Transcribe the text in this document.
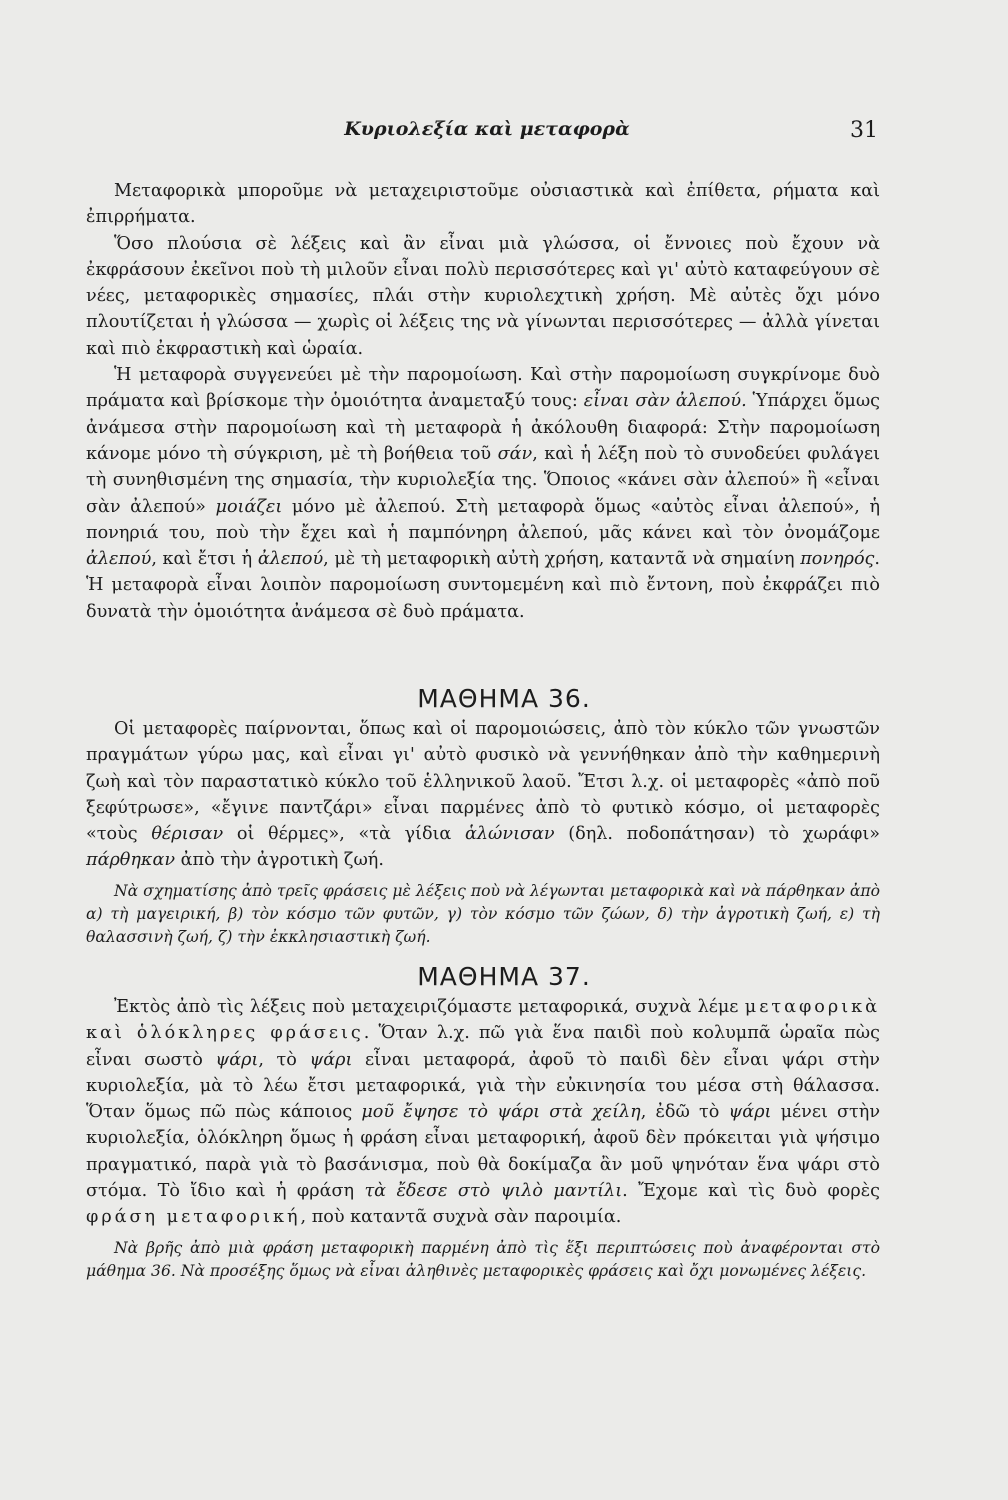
Κυριολεξία καὶ μεταφορὰ	31

Μεταφορικὰ μποροῦμε νὰ μεταχειριστοῦμε οὐσιαστικὰ καὶ ἐπίθετα, ρήματα καὶ ἐπιρρήματα.

Ὅσο πλούσια σὲ λέξεις καὶ ἂν εἶναι μιὰ γλώσσα, οἱ ἔννοιες ποὺ ἔχουν νὰ ἐκφράσουν ἐκεῖνοι ποὺ τὴ μιλοῦν εἶναι πολὺ περισσότερες καὶ γι' αὐτὸ καταφεύγουν σὲ νέες, μεταφορικὲς σημασίες, πλάι στὴν κυριολεχτικὴ χρήση. Μὲ αὐτὲς ὄχι μόνο πλουτίζεται ἡ γλώσσα — χωρὶς οἱ λέξεις της νὰ γίνωνται περισσότερες — ἀλλὰ γίνεται καὶ πιὸ ἐκφραστικὴ καὶ ὡραία.

Ἡ μεταφορὰ συγγενεύει μὲ τὴν παρομοίωση. Καὶ στὴν παρομοίωση συγκρίνομε δυὸ πράματα καὶ βρίσκομε τὴν ὁμοιότητα ἀναμεταξύ τους: εἶναι σὰν ἀλεπού. Ὑπάρχει ὅμως ἀνάμεσα στὴν παρομοίωση καὶ τὴ μεταφορὰ ἡ ἀκόλουθη διαφορά: Στὴν παρομοίωση κάνομε μόνο τὴ σύγκριση, μὲ τὴ βοήθεια τοῦ σάν, καὶ ἡ λέξη ποὺ τὸ συνοδεύει φυλάγει τὴ συνηθισμένη της σημασία, τὴν κυριολεξία της. Ὅποιος «κάνει σὰν ἀλεπού» ἢ «εἶναι σὰν ἀλεπού» μοιάζει μόνο μὲ ἀλεπού. Στὴ μεταφορὰ ὅμως «αὐτὸς εἶναι ἀλεπού», ἡ πονηριά του, ποὺ τὴν ἔχει καὶ ἡ παμπόνηρη ἀλεπού, μᾶς κάνει καὶ τὸν ὀνομάζομε ἀλεπού, καὶ ἔτσι ἡ ἀλεπού, μὲ τὴ μεταφορικὴ αὐτὴ χρήση, καταντᾶ νὰ σημαίνη πονηρός. Ἡ μεταφορὰ εἶναι λοιπὸν παρομοίωση συντομεμένη καὶ πιὸ ἔντονη, ποὺ ἐκφράζει πιὸ δυνατὰ τὴν ὁμοιότητα ἀνάμεσα σὲ δυὸ πράματα.

ΜΑΘΗΜΑ 36.

Οἱ μεταφορὲς παίρνονται, ὅπως καὶ οἱ παρομοιώσεις, ἀπὸ τὸν κύκλο τῶν γνωστῶν πραγμάτων γύρω μας, καὶ εἶναι γι' αὐτὸ φυσικὸ νὰ γεννήθηκαν ἀπὸ τὴν καθημερινὴ ζωὴ καὶ τὸν παραστατικὸ κύκλο τοῦ ἑλληνικοῦ λαοῦ. Ἔτσι λ.χ. οἱ μεταφορὲς «ἀπὸ ποῦ ξεφύτρωσε», «ἔγινε παντζάρι» εἶναι παρμένες ἀπὸ τὸ φυτικὸ κόσμο, οἱ μεταφορὲς «τοὺς θέρισαν οἱ θέρμες», «τὰ γίδια ἁλώνισαν (δηλ. ποδοπάτησαν) τὸ χωράφι» πάρθηκαν ἀπὸ τὴν ἀγροτικὴ ζωή.

Νὰ σχηματίσης ἀπὸ τρεῖς φράσεις μὲ λέξεις ποὺ νὰ λέγωνται μεταφορικὰ καὶ νὰ πάρθηκαν ἀπὸ α) τὴ μαγειρική, β) τὸν κόσμο τῶν φυτῶν, γ) τὸν κόσμο τῶν ζώων, δ) τὴν ἀγροτικὴ ζωή, ε) τὴ θαλασσινὴ ζωή, ζ) τὴν ἐκκλησιαστικὴ ζωή.

ΜΑΘΗΜΑ 37.

Ἐκτὸς ἀπὸ τὶς λέξεις ποὺ μεταχειριζόμαστε μεταφορικά, συχνὰ λέμε μεταφορικὰ καὶ ὁλόκληρες φράσεις. Ὅταν λ.χ. πῶ γιὰ ἕνα παιδὶ ποὺ κολυμπᾶ ὡραῖα πὼς εἶναι σωστὸ ψάρι, τὸ ψάρι εἶναι μεταφορά, ἀφοῦ τὸ παιδὶ δὲν εἶναι ψάρι στὴν κυριολεξία, μὰ τὸ λέω ἔτσι μεταφορικά, γιὰ τὴν εὐκινησία του μέσα στὴ θάλασσα. Ὅταν ὅμως πῶ πὼς κάποιος μοῦ ἔψησε τὸ ψάρι στὰ χείλη, ἐδῶ τὸ ψάρι μένει στὴν κυριολεξία, ὁλόκληρη ὅμως ἡ φράση εἶναι μεταφορική, ἀφοῦ δὲν πρόκειται γιὰ ψήσιμο πραγματικό, παρὰ γιὰ τὸ βασάνισμα, ποὺ θὰ δοκίμαζα ἂν μοῦ ψηνόταν ἕνα ψάρι στὸ στόμα. Τὸ ἴδιο καὶ ἡ φράση τὰ ἔδεσε στὸ ψιλὸ μαντίλι. Ἔχομε καὶ τὶς δυὸ φορὲς φράση μεταφορική, ποὺ καταντᾶ συχνὰ σὰν παροιμία.

Νὰ βρῆς ἀπὸ μιὰ φράση μεταφορικὴ παρμένη ἀπὸ τὶς ἕξι περιπτώσεις ποὺ ἀναφέρονται στὸ μάθημα 36. Νὰ προσέξης ὅμως νὰ εἶναι ἀληθινὲς μεταφορικὲς φράσεις καὶ ὄχι μονωμένες λέξεις.
